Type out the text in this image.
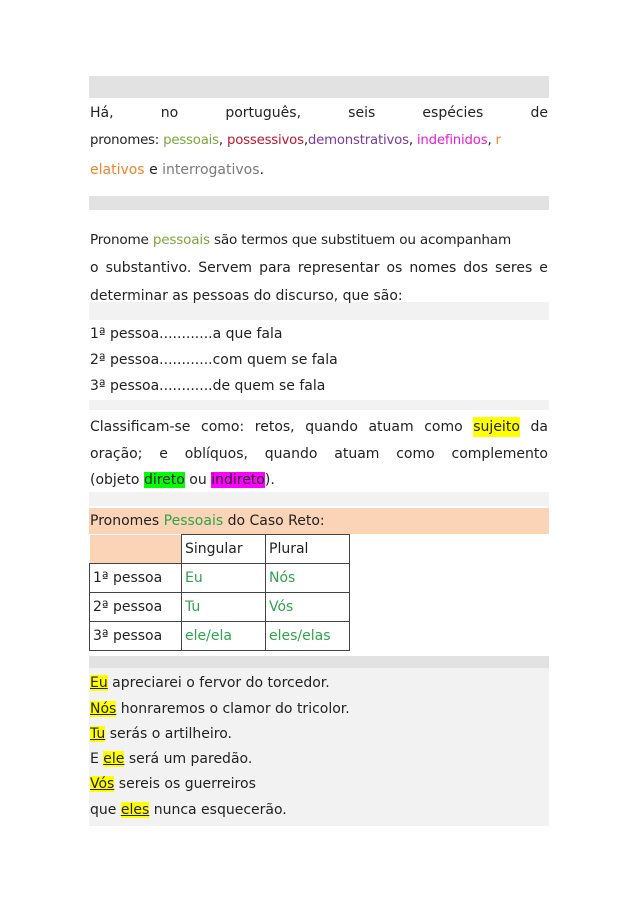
Há,	no	português,	seis	espécies	de
pronomes: pessoais, possessivos,demonstrativos, indefinidos, r
elativos e interrogativos.
Pronome pessoais são termos que substituem ou acompanham
o substantivo. Servem para representar os nomes dos seres e
determinar as pessoas do discurso, que são:
1ª pessoa............a que fala
2ª pessoa............com quem se fala
3ª pessoa............de quem se fala
Classificam-se como: retos, quando atuam como sujeito da
oração; e oblíquos, quando atuam como complemento
(objeto direto ou indireto).
Pronomes Pessoais do Caso Reto:
	Singular	Plural
1ª pessoa	Eu	Nós
2ª pessoa	Tu	Vós
3ª pessoa	ele/ela	eles/elas
Eu apreciarei o fervor do torcedor.
Nós honraremos o clamor do tricolor.
Tu serás o artilheiro.
E ele será um paredão.
Vós sereis os guerreiros
que eles nunca esquecerão.
